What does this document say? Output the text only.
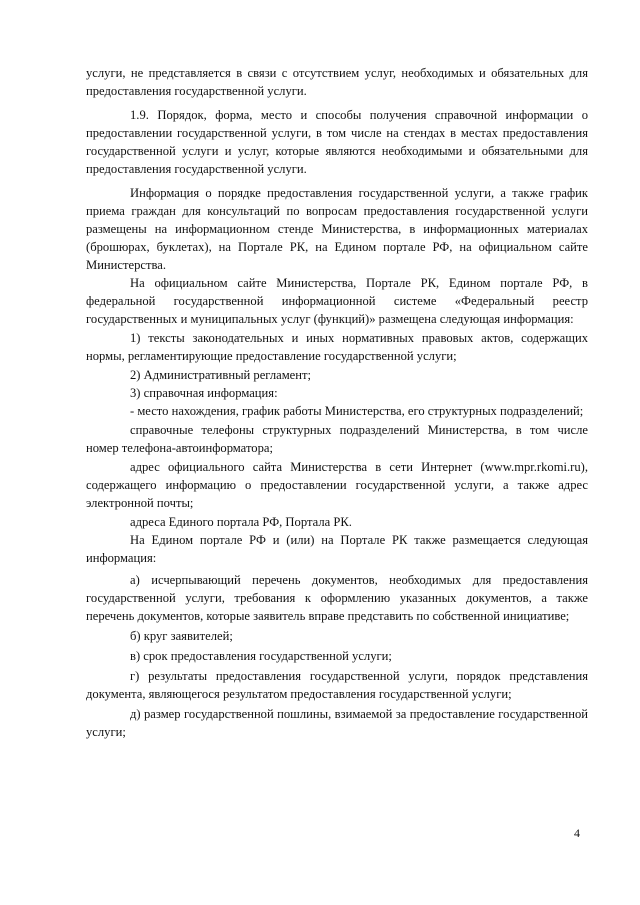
услуги, не представляется в связи с отсутствием услуг, необходимых и обязательных для предоставления государственной услуги.

1.9. Порядок, форма, место и способы получения справочной информации о предоставлении государственной услуги, в том числе на стендах в местах предоставления государственной услуги и услуг, которые являются необходимыми и обязательными для предоставления государственной услуги.

Информация о порядке предоставления государственной услуги, а также график приема граждан для консультаций по вопросам предоставления государственной услуги размещены на информационном стенде Министерства, в информационных материалах (брошюрах, буклетах), на Портале РК, на Едином портале РФ, на официальном сайте Министерства.

На официальном сайте Министерства, Портале РК, Едином портале РФ, в федеральной государственной информационной системе «Федеральный реестр государственных и муниципальных услуг (функций)» размещена следующая информация:

1) тексты законодательных и иных нормативных правовых актов, содержащих нормы, регламентирующие предоставление государственной услуги;

2) Административный регламент;

3) справочная информация:

- место нахождения, график работы Министерства, его структурных подразделений;

справочные телефоны структурных подразделений Министерства, в том числе номер телефона-автоинформатора;

адрес официального сайта Министерства в сети Интернет (www.mpr.rkomi.ru), содержащего информацию о предоставлении государственной услуги, а также адрес электронной почты;

адреса Единого портала РФ, Портала РК.

На Едином портале РФ и (или) на Портале РК также размещается следующая информация:

а) исчерпывающий перечень документов, необходимых для предоставления государственной услуги, требования к оформлению указанных документов, а также перечень документов, которые заявитель вправе представить по собственной инициативе;

б) круг заявителей;

в) срок предоставления государственной услуги;

г) результаты предоставления государственной услуги, порядок представления документа, являющегося результатом предоставления государственной услуги;

д) размер государственной пошлины, взимаемой за предоставление государственной услуги;

4
